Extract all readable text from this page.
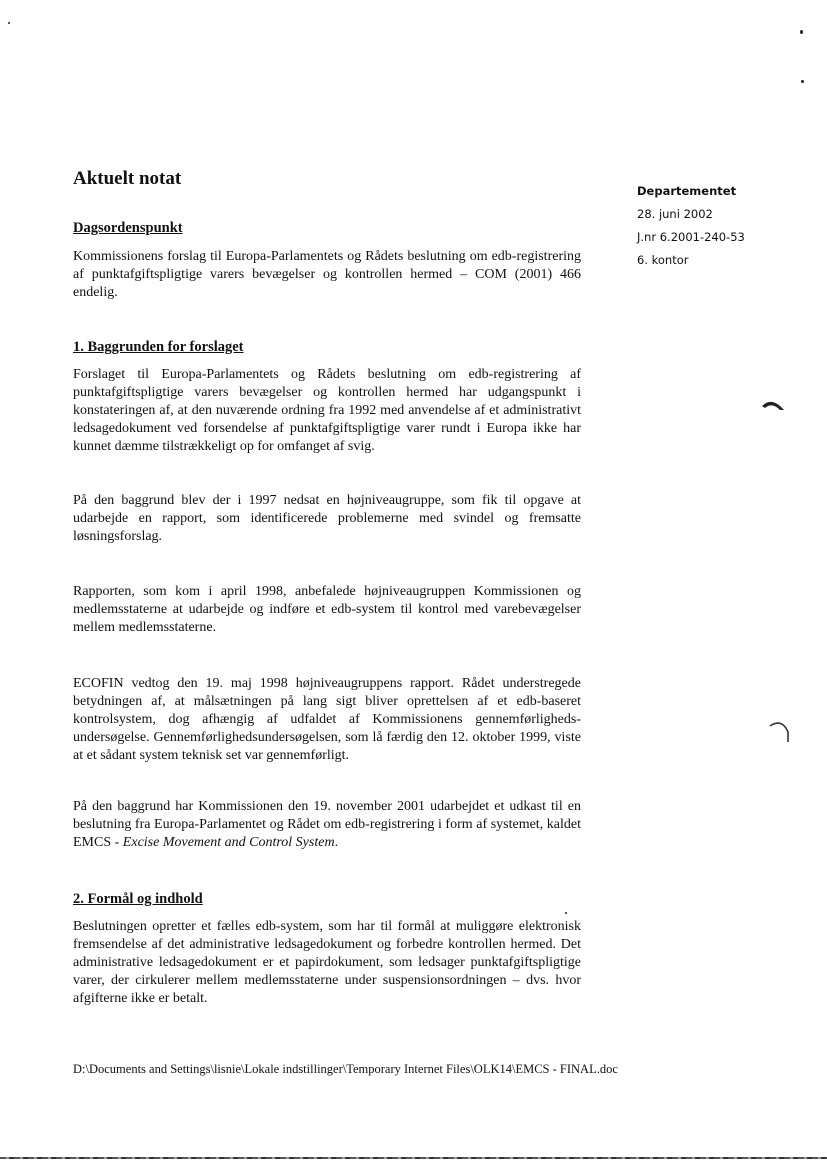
Aktuelt notat
Departementet
28. juni 2002
J.nr 6.2001-240-53
6. kontor
Dagsordenspunkt

Kommissionens forslag til Europa-Parlamentets og Rådets beslutning om edb-registrering af punktafgiftspligtige varers bevægelser og kontrollen hermed – COM (2001) 466 endelig.

1. Baggrunden for forslaget

Forslaget til Europa-Parlamentets og Rådets beslutning om edb-registrering af punktafgiftspligtige varers bevægelser og kontrollen hermed har udgangspunkt i konstateringen af, at den nuværende ordning fra 1992 med anvendelse af et administrativt ledsagedokument ved forsendelse af punktafgiftspligtige varer rundt i Europa ikke har kunnet dæmme tilstrækkeligt op for omfanget af svig.

På den baggrund blev der i 1997 nedsat en højniveaugruppe, som fik til opgave at udarbejde en rapport, som identificerede problemerne med svindel og fremsatte løsningsforslag.

Rapporten, som kom i april 1998, anbefalede højniveaugruppen Kommissionen og medlemsstaterne at udarbejde og indføre et edb-system til kontrol med varebevægelser mellem medlemsstaterne.

ECOFIN vedtog den 19. maj 1998 højniveaugruppens rapport. Rådet understregede betydningen af, at målsætningen på lang sigt bliver oprettelsen af et edb-baseret kontrolsystem, dog afhængig af udfaldet af Kommissionens gennemførligheds-undersøgelse. Gennemførlighedsundersøgelsen, som lå færdig den 12. oktober 1999, viste at et sådant system teknisk set var gennemførligt.

På den baggrund har Kommissionen den 19. november 2001 udarbejdet et udkast til en beslutning fra Europa-Parlamentet og Rådet om edb-registrering i form af systemet, kaldet EMCS - Excise Movement and Control System.

2. Formål og indhold

Beslutningen opretter et fælles edb-system, som har til formål at muliggøre elektronisk fremsendelse af det administrative ledsagedokument og forbedre kontrollen hermed. Det administrative ledsagedokument er et papirdokument, som ledsager punktafgiftspligtige varer, der cirkulerer mellem medlemsstaterne under suspensionsordningen – dvs. hvor afgifterne ikke er betalt.

D:\Documents and Settings\lisnie\Lokale indstillinger\Temporary Internet Files\OLK14\EMCS - FINAL.doc
